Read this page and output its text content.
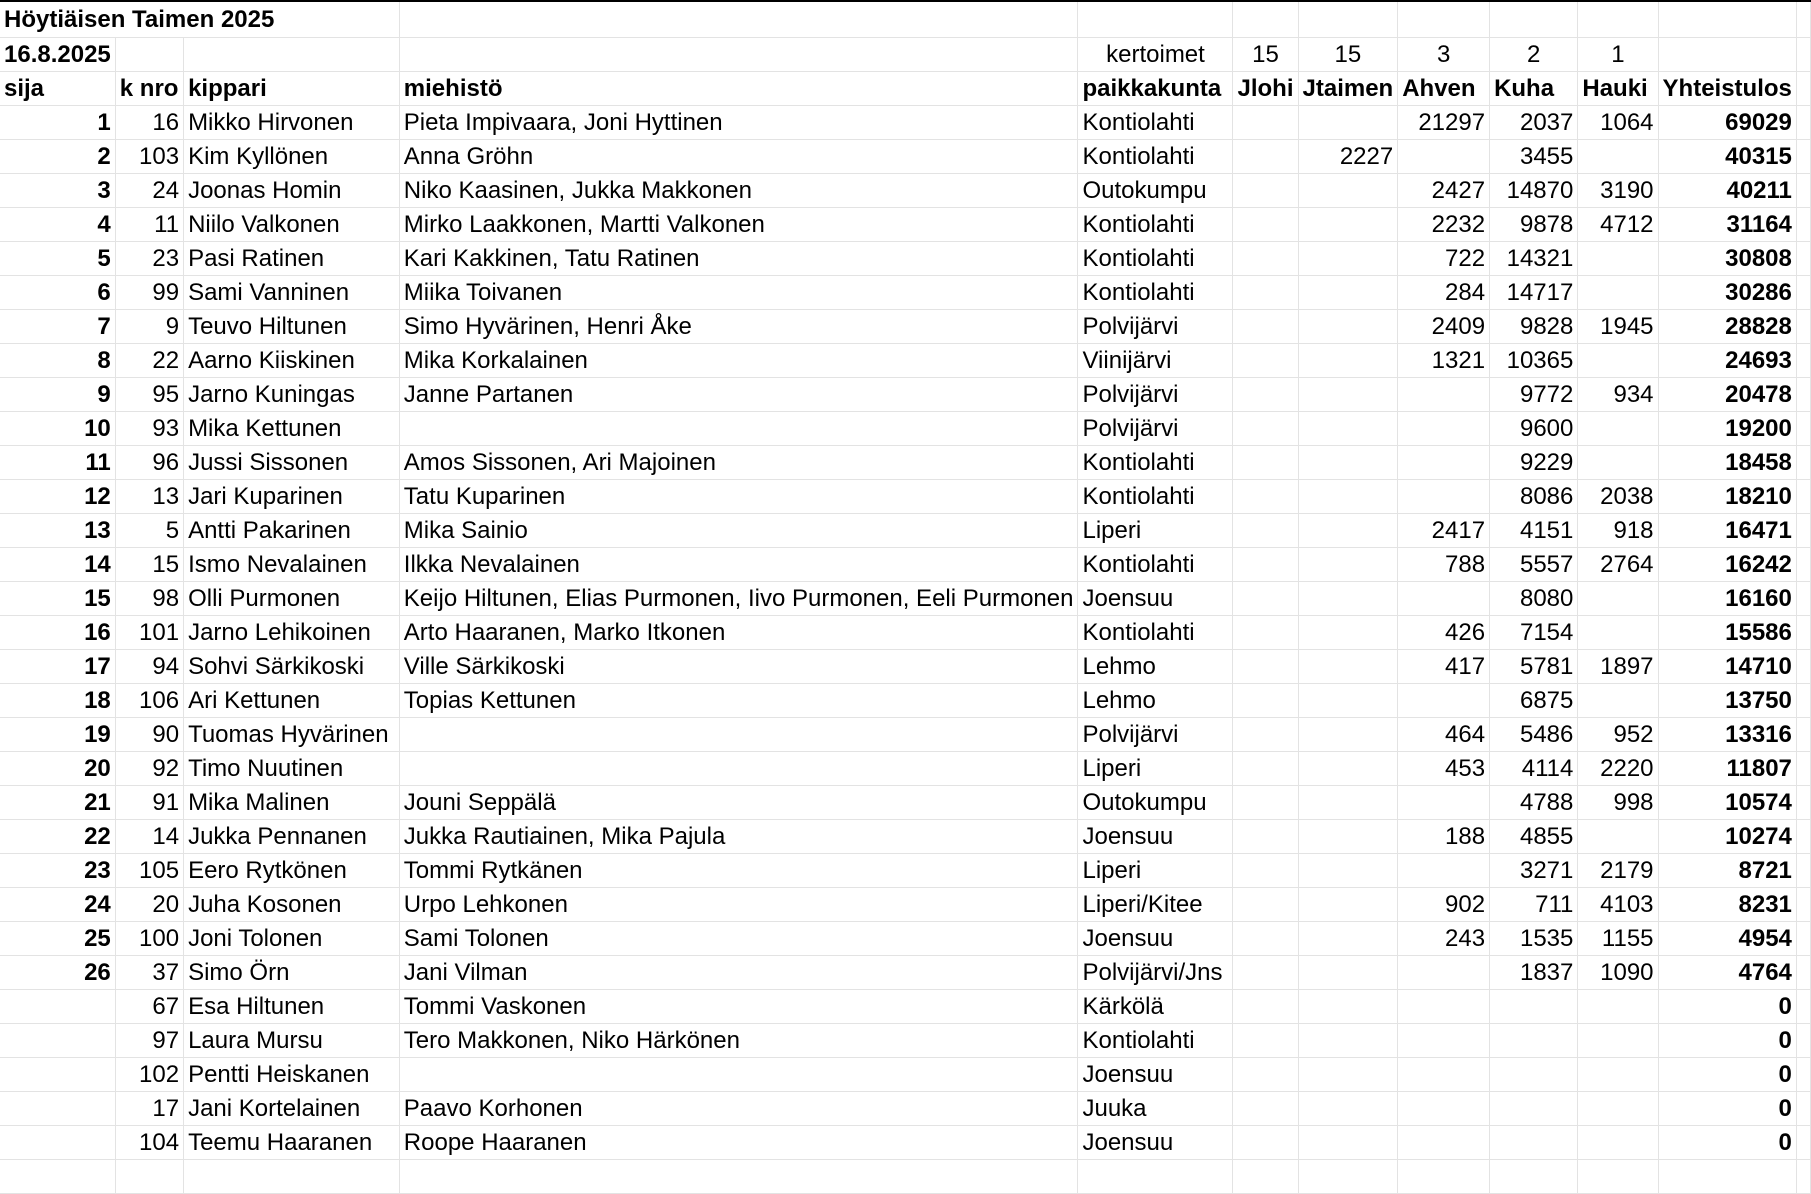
Höytiäisen Taimen 2025											
16.8.2025				kertoimet	15	15	3	2	1		
sija	k nro	kippari	miehistö	paikkakunta	Jlohi	Jtaimen	Ahven	Kuha	Hauki	Yhteistulos	
1	16	Mikko Hirvonen	Pieta Impivaara, Joni Hyttinen	Kontiolahti			21297	2037	1064	69029	
2	103	Kim Kyllönen	Anna Gröhn	Kontiolahti		2227		3455		40315	
3	24	Joonas Homin	Niko Kaasinen, Jukka Makkonen	Outokumpu			2427	14870	3190	40211	
4	11	Niilo Valkonen	Mirko Laakkonen, Martti Valkonen	Kontiolahti			2232	9878	4712	31164	
5	23	Pasi Ratinen	Kari Kakkinen, Tatu Ratinen	Kontiolahti			722	14321		30808	
6	99	Sami Vanninen	Miika Toivanen	Kontiolahti			284	14717		30286	
7	9	Teuvo Hiltunen	Simo Hyvärinen, Henri Åke	Polvijärvi			2409	9828	1945	28828	
8	22	Aarno Kiiskinen	Mika Korkalainen	Viinijärvi			1321	10365		24693	
9	95	Jarno Kuningas	Janne Partanen	Polvijärvi				9772	934	20478	
10	93	Mika Kettunen		Polvijärvi				9600		19200	
11	96	Jussi Sissonen	Amos Sissonen, Ari Majoinen	Kontiolahti				9229		18458	
12	13	Jari Kuparinen	Tatu Kuparinen	Kontiolahti				8086	2038	18210	
13	5	Antti Pakarinen	Mika Sainio	Liperi			2417	4151	918	16471	
14	15	Ismo Nevalainen	Ilkka Nevalainen	Kontiolahti			788	5557	2764	16242	
15	98	Olli Purmonen	Keijo Hiltunen, Elias Purmonen, Iivo Purmonen, Eeli Purmonen	Joensuu				8080		16160	
16	101	Jarno Lehikoinen	Arto Haaranen, Marko Itkonen	Kontiolahti			426	7154		15586	
17	94	Sohvi Särkikoski	Ville Särkikoski	Lehmo			417	5781	1897	14710	
18	106	Ari Kettunen	Topias Kettunen	Lehmo				6875		13750	
19	90	Tuomas Hyvärinen		Polvijärvi			464	5486	952	13316	
20	92	Timo Nuutinen		Liperi			453	4114	2220	11807	
21	91	Mika Malinen	Jouni Seppälä	Outokumpu				4788	998	10574	
22	14	Jukka Pennanen	Jukka Rautiainen, Mika Pajula	Joensuu			188	4855		10274	
23	105	Eero Rytkönen	Tommi Rytkänen	Liperi				3271	2179	8721	
24	20	Juha Kosonen	Urpo Lehkonen	Liperi/Kitee			902	711	4103	8231	
25	100	Joni Tolonen	Sami Tolonen	Joensuu			243	1535	1155	4954	
26	37	Simo Örn	Jani Vilman	Polvijärvi/Jns				1837	1090	4764	
	67	Esa Hiltunen	Tommi Vaskonen	Kärkölä						0	
	97	Laura Mursu	Tero Makkonen, Niko Härkönen	Kontiolahti						0	
	102	Pentti Heiskanen		Joensuu						0	
	17	Jani Kortelainen	Paavo Korhonen	Juuka						0	
	104	Teemu Haaranen	Roope Haaranen	Joensuu						0	
